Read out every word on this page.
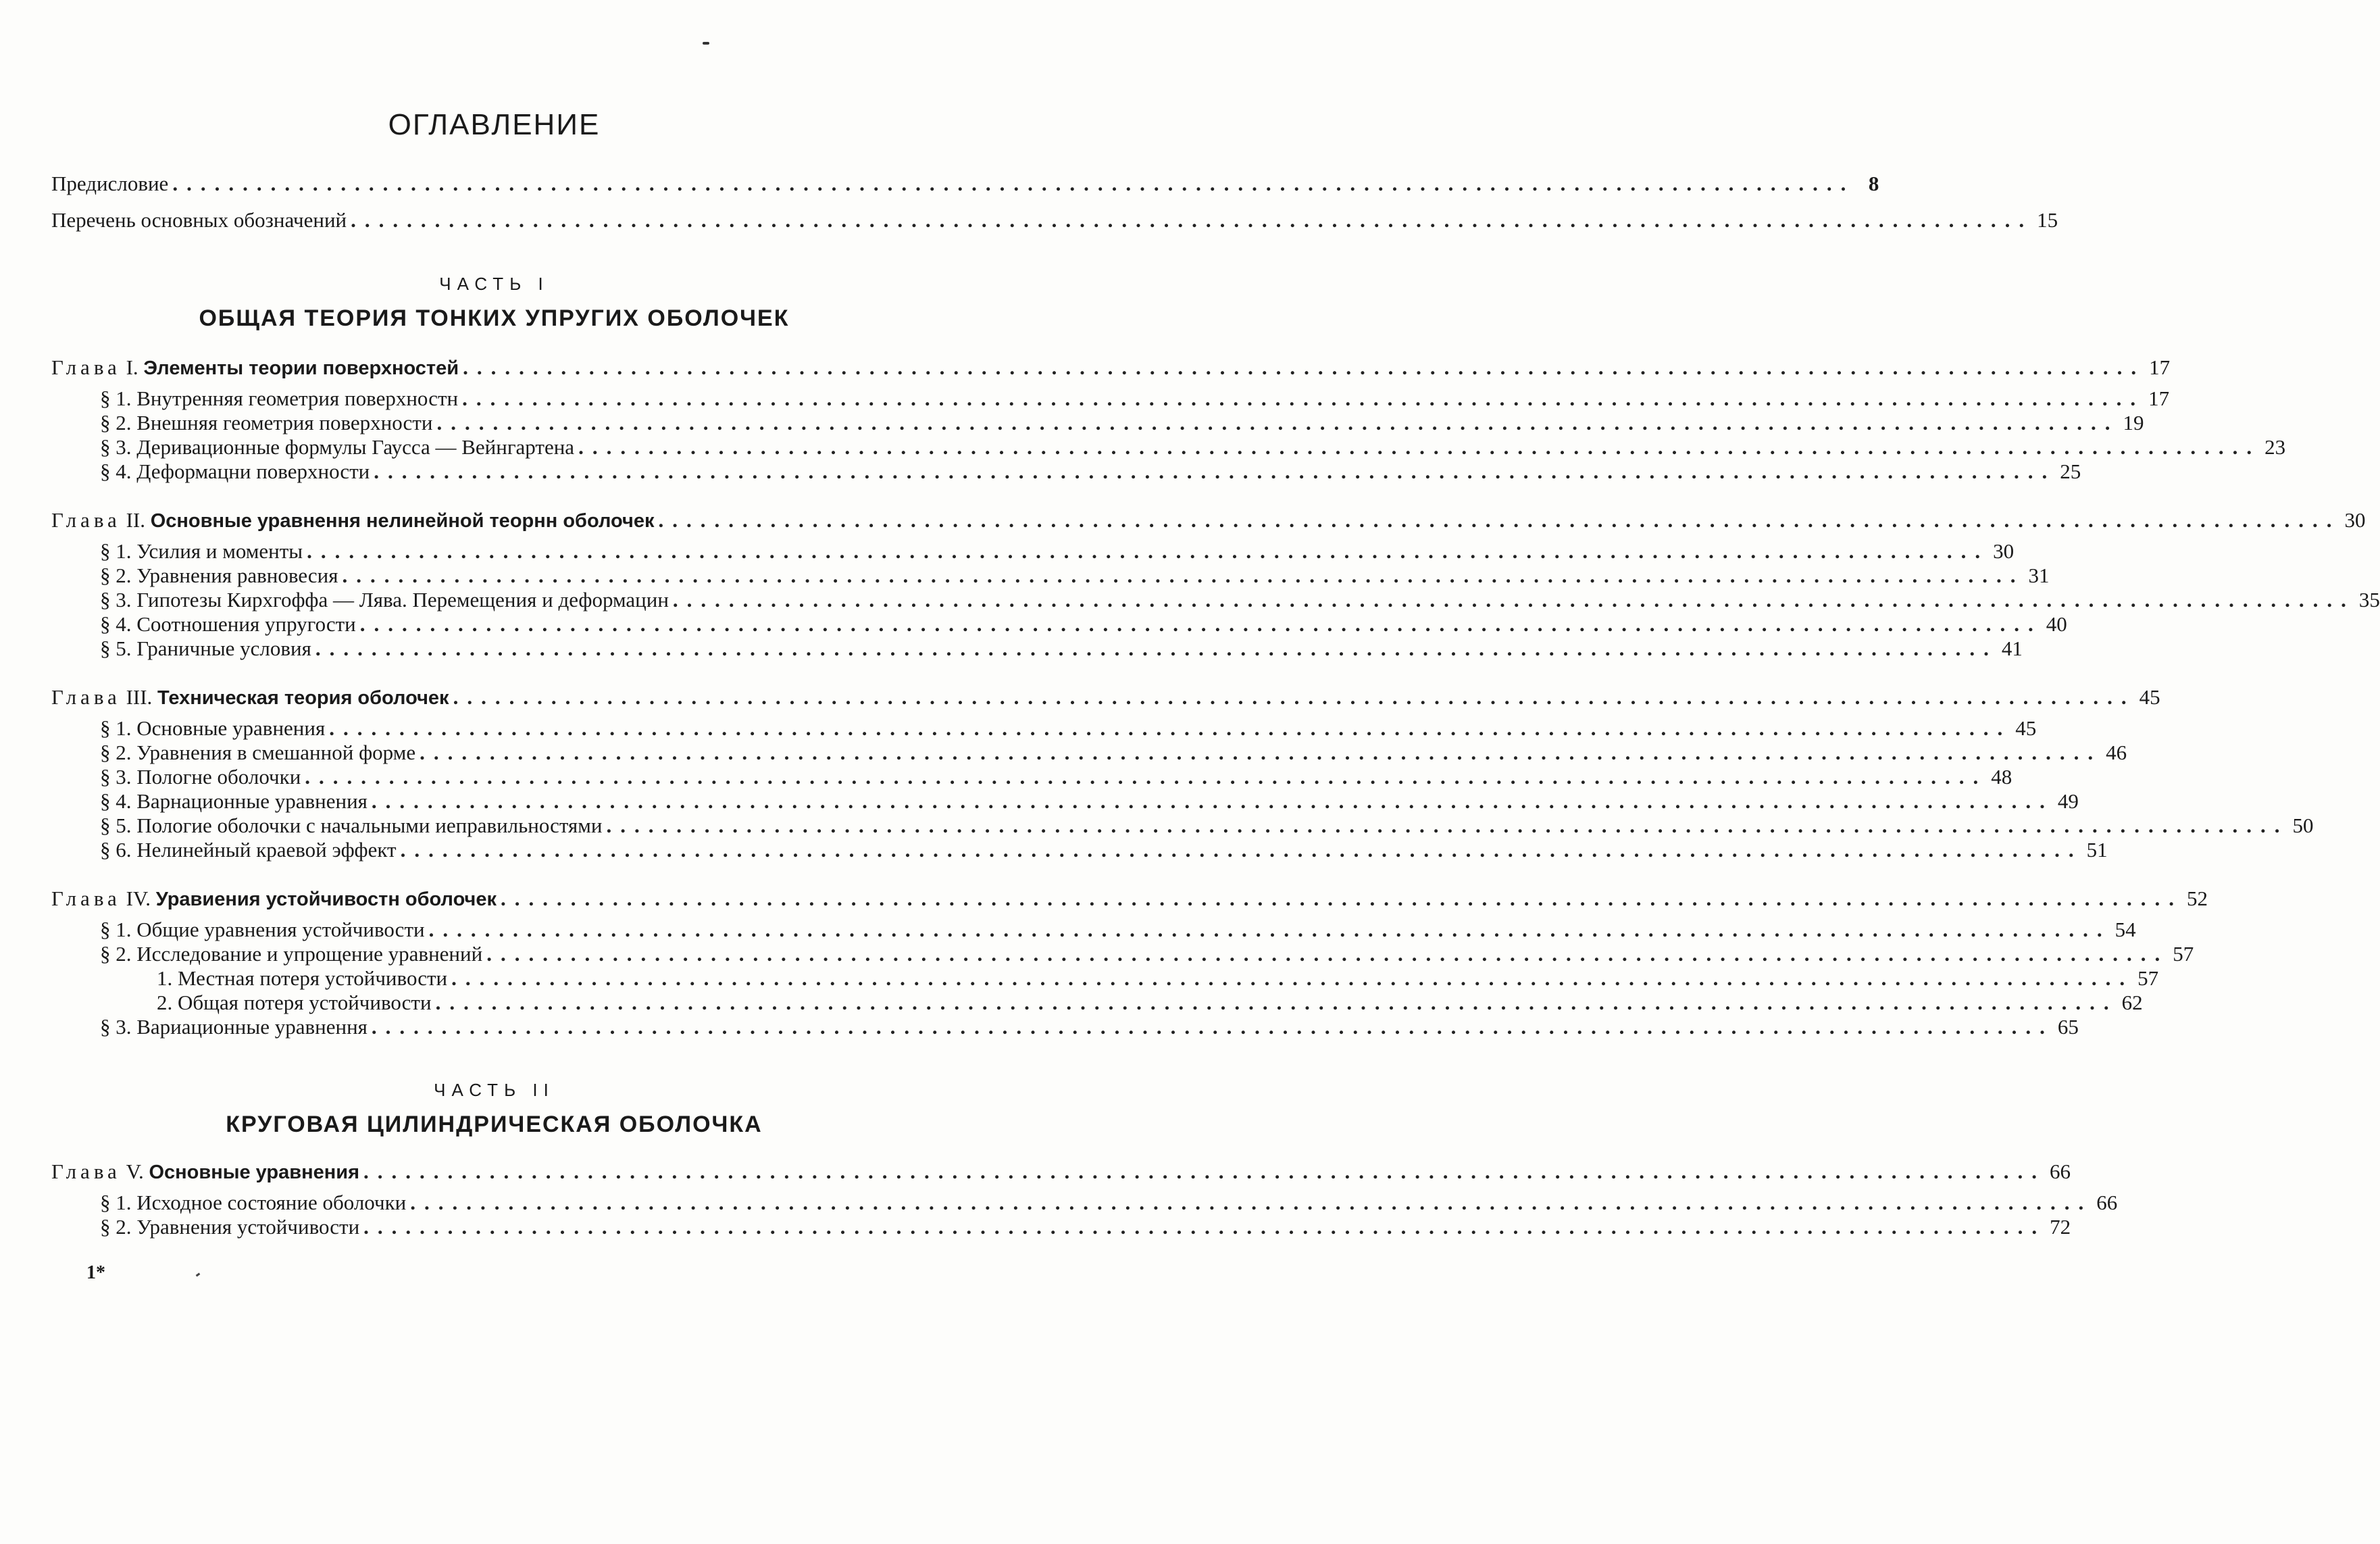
ОГЛАВЛЕНИЕ
Предисловие ........................................................................................................................ 8
Перечень основных обозначений ........................................................................................................................ 15
ЧАСТЬ I
ОБЩАЯ ТЕОРИЯ ТОНКИХ УПРУГИХ ОБОЛОЧЕК
Глава I. Элементы теории поверхностей ........................................................................................................................ 17
§ 1. Внутренняя геометрия поверхностн ........................................................................................................................ 17
§ 2. Внешняя геометрия поверхности ........................................................................................................................ 19
§ 3. Деривационные формулы Гаусса — Вейнгартена ........................................................................................................................ 23
§ 4. Деформацни поверхности ........................................................................................................................ 25
Глава II. Основные уравнення нелинейной теорнн оболочек ........................................................................................................................ 30
§ 1. Усилия и моменты ........................................................................................................................ 30
§ 2. Уравнения равновесия ........................................................................................................................ 31
§ 3. Гипотезы Кирхгоффа — Лява. Перемещения и деформацин ........................................................................................................................ 35
§ 4. Соотношения упругости ........................................................................................................................ 40
§ 5. Граничные условия ........................................................................................................................ 41
Глава III. Техническая теория оболочек ........................................................................................................................ 45
§ 1. Основные уравнения ........................................................................................................................ 45
§ 2. Уравнения в смешанной форме ........................................................................................................................ 46
§ 3. Пологне оболочки ........................................................................................................................ 48
§ 4. Варнационные уравнения ........................................................................................................................ 49
§ 5. Пологие оболочки с начальными иеправильностями ........................................................................................................................ 50
§ 6. Нелинейный краевой эффект ........................................................................................................................ 51
Глава IV. Уравиения устойчивостн оболочек ........................................................................................................................ 52
§ 1. Общие уравнения устойчивости ........................................................................................................................ 54
§ 2. Исследование и упрощение уравнений ........................................................................................................................ 57
1. Местная потеря устойчивости ........................................................................................................................ 57
2. Общая потеря устойчивости ........................................................................................................................ 62
§ 3. Вариационные уравнення ........................................................................................................................ 65
ЧАСТЬ II
КРУГОВАЯ ЦИЛИНДРИЧЕСКАЯ ОБОЛОЧКА
Глава V. Основные уравнения ........................................................................................................................ 66
§ 1. Исходное состояние оболочки ........................................................................................................................ 66
§ 2. Уравнения устойчивости ........................................................................................................................ 72
1*
